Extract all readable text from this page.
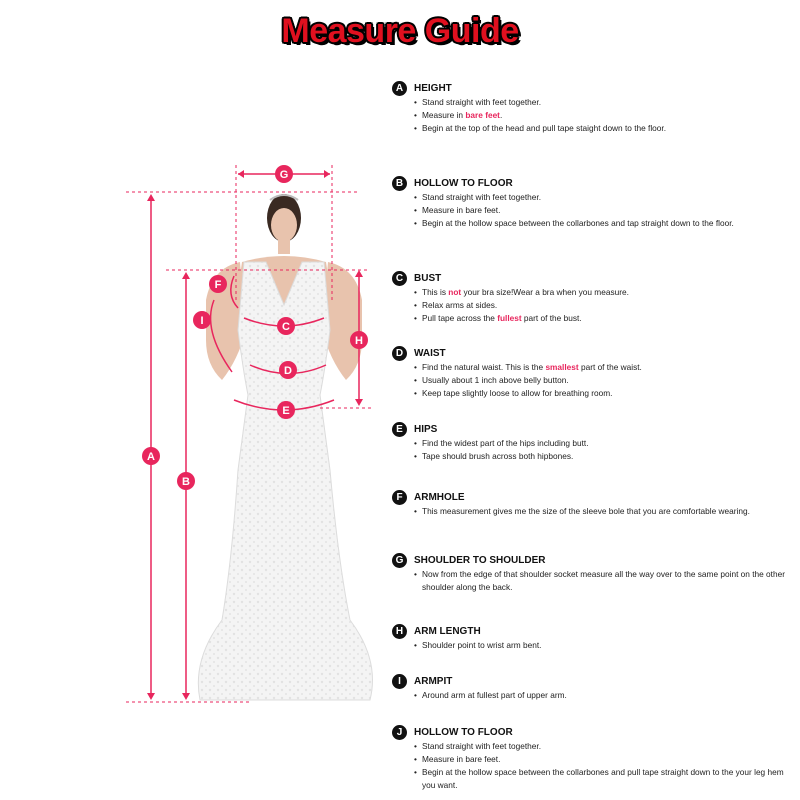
Measure Guide
G
A
B
F
I	C
H
D
E
A	HEIGHT
• Stand straight with feet together.
• Measure in bare feet.
• Begin at the top of the head and pull tape staight down to the floor.
B	HOLLOW TO FLOOR
• Stand straight with feet together.
• Measure in bare feet.
• Begin at the hollow space between the collarbones and tap straight down to the floor.
C	BUST
• This is not your bra size!Wear a bra when you measure.
• Relax arms at sides.
• Pull tape across the fullest part of the bust.
D	WAIST
• Find the natural waist. This is the smallest part of the waist.
• Usually about 1 inch above belly button.
• Keep tape slightly loose to allow for breathing room.
E	HIPS
• Find the widest part of the hips including butt.
• Tape should brush across both hipbones.
F	ARMHOLE
• This measurement gives me the size of the sleeve bole that you are comfortable wearing.
G	SHOULDER TO SHOULDER
• Now from the edge of that shoulder socket measure all the way over to the same point on the other shoulder along the back.
H	ARM LENGTH
• Shoulder point to wrist arm bent.
I	ARMPIT
• Around arm at fullest part of upper arm.
J	HOLLOW TO FLOOR
• Stand straight with feet together.
• Measure in bare feet.
• Begin at the hollow space between the collarbones and pull tape straight down to the your leg hem you want.
